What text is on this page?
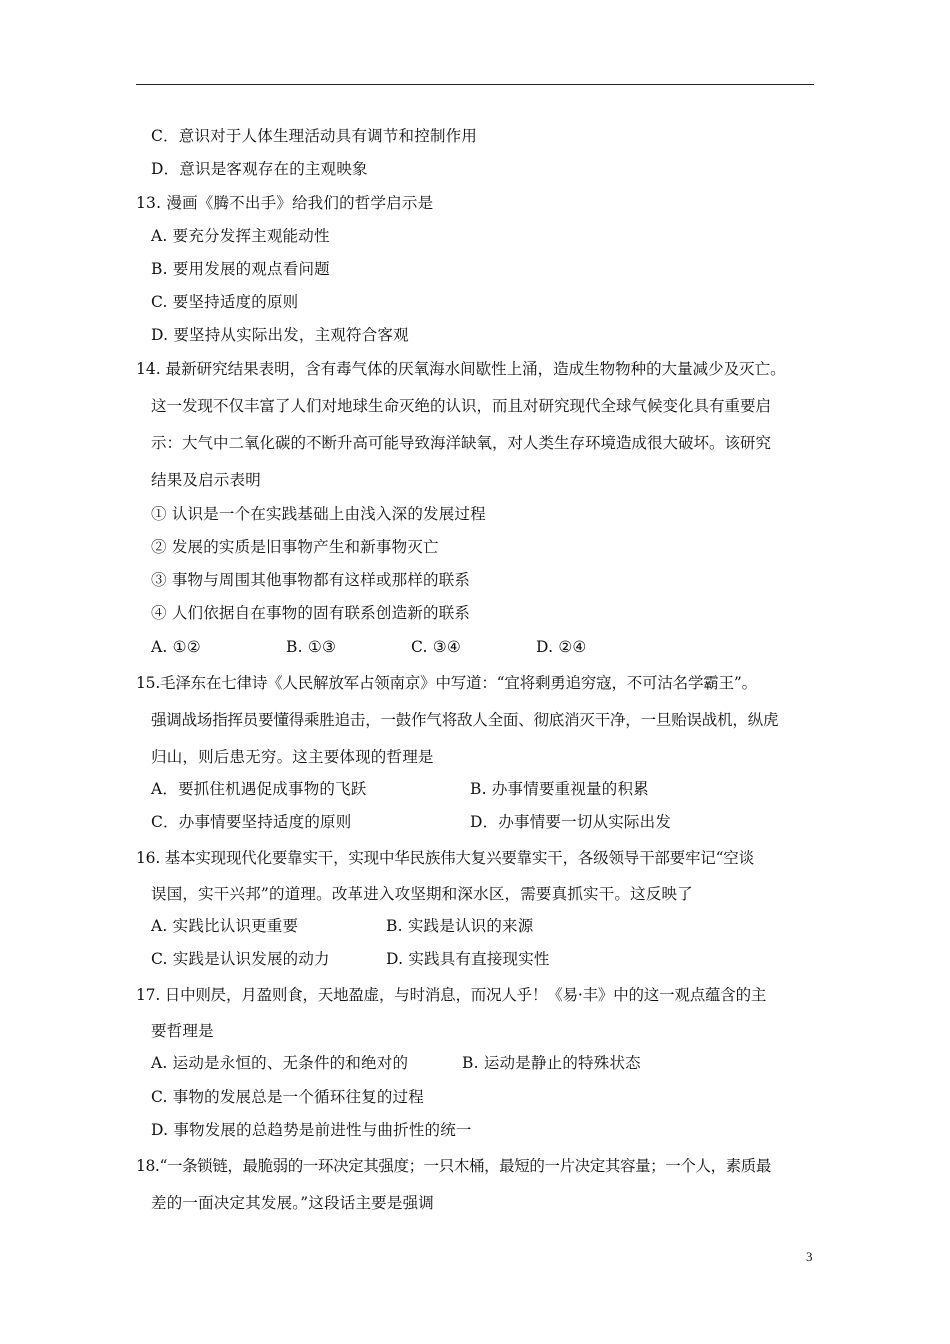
C．意识对于人体生理活动具有调节和控制作用
D．意识是客观存在的主观映象
13. 漫画《腾不出手》给我们的哲学启示是
A. 要充分发挥主观能动性
B. 要用发展的观点看问题
C. 要坚持适度的原则
D. 要坚持从实际出发，主观符合客观
14. 最新研究结果表明，含有毒气体的厌氧海水间歇性上涌，造成生物物种的大量减少及灭亡。
这一发现不仅丰富了人们对地球生命灭绝的认识，而且对研究现代全球气候变化具有重要启
示：大气中二氧化碳的不断升高可能导致海洋缺氧，对人类生存环境造成很大破坏。该研究
结果及启示表明
① 认识是一个在实践基础上由浅入深的发展过程
② 发展的实质是旧事物产生和新事物灭亡
③ 事物与周围其他事物都有这样或那样的联系
④ 人们依据自在事物的固有联系创造新的联系
A. ①②	B. ①③	C. ③④	D. ②④
15.毛泽东在七律诗《人民解放军占领南京》中写道：“宜将剩勇追穷寇，不可沽名学霸王”。
强调战场指挥员要懂得乘胜追击，一鼓作气将敌人全面、彻底消灭干净，一旦贻误战机，纵虎
归山，则后患无穷。这主要体现的哲理是
A．要抓住机遇促成事物的飞跃	B. 办事情要重视量的积累
C．办事情要坚持适度的原则	D．办事情要一切从实际出发
16. 基本实现现代化要靠实干，实现中华民族伟大复兴要靠实干，各级领导干部要牢记“空谈
误国，实干兴邦”的道理。改革进入攻坚期和深水区，需要真抓实干。这反映了
A. 实践比认识更重要	B. 实践是认识的来源
C. 实践是认识发展的动力	D. 实践具有直接现实性
17. 日中则昃，月盈则食，天地盈虚，与时消息，而况人乎！《易·丰》中的这一观点蕴含的主
要哲理是
A. 运动是永恒的、无条件的和绝对的	B. 运动是静止的特殊状态
C. 事物的发展总是一个循环往复的过程
D. 事物发展的总趋势是前进性与曲折性的统一
18.“一条锁链，最脆弱的一环决定其强度；一只木桶，最短的一片决定其容量；一个人，素质最
差的一面决定其发展。”这段话主要是强调
3
